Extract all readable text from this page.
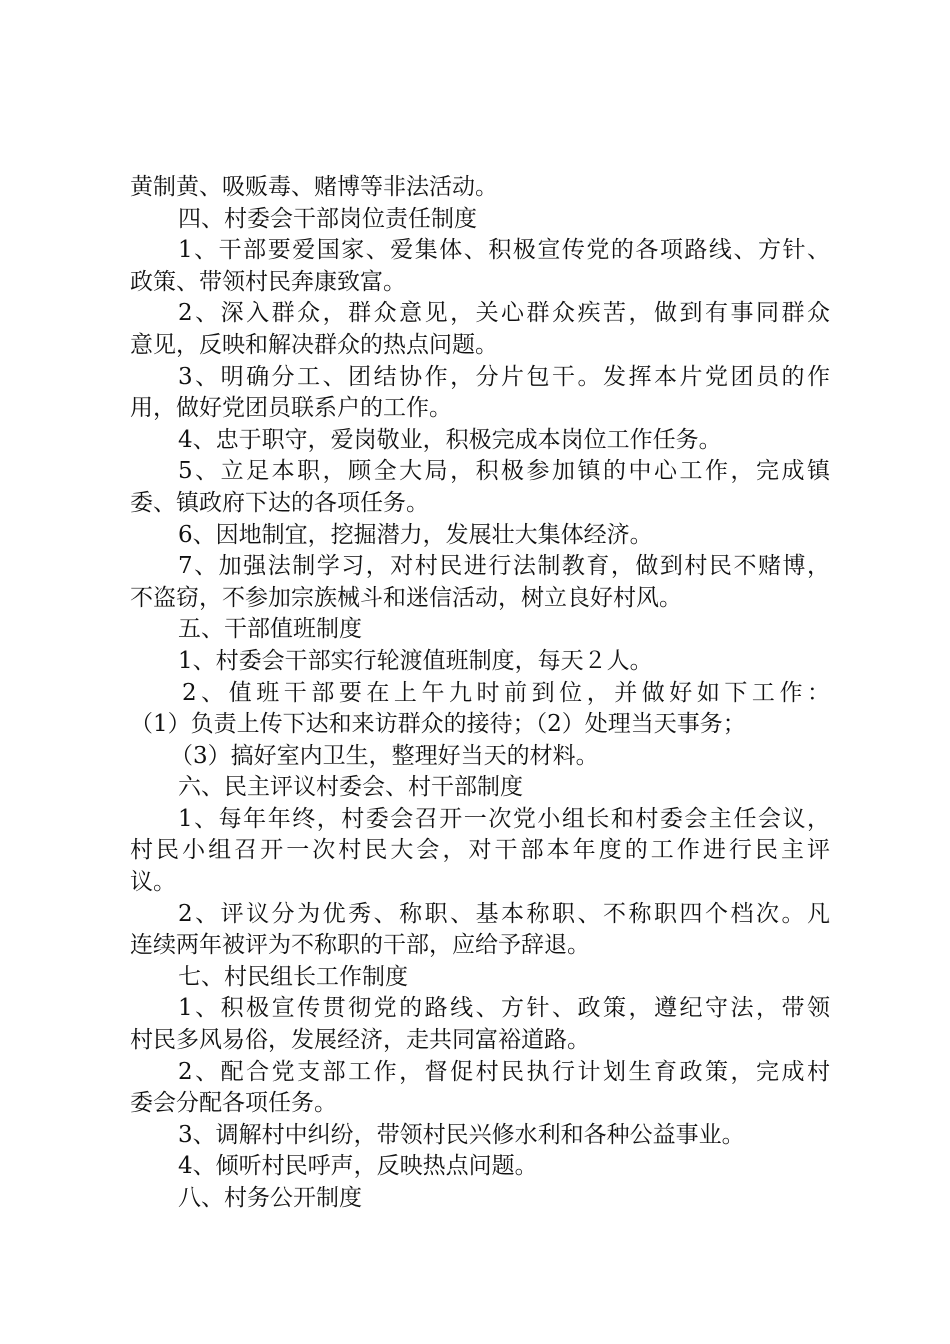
黄制黄、吸贩毒、赌博等非法活动。
四、村委会干部岗位责任制度
1、干部要爱国家、爱集体、积极宣传党的各项路线、方针、
政策、带领村民奔康致富。
2、深入群众，群众意见，关心群众疾苦，做到有事同群众
意见，反映和解决群众的热点问题。
3、明确分工、团结协作，分片包干。发挥本片党团员的作
用，做好党团员联系户的工作。
4、忠于职守，爱岗敬业，积极完成本岗位工作任务。
5、立足本职，顾全大局，积极参加镇的中心工作，完成镇
委、镇政府下达的各项任务。
6、因地制宜，挖掘潜力，发展壮大集体经济。
7、加强法制学习，对村民进行法制教育，做到村民不赌博，
不盗窃，不参加宗族械斗和迷信活动，树立良好村风。
五、干部值班制度
1、村委会干部实行轮渡值班制度，每天２人。
2、值班干部要在上午九时前到位，并做好如下工作：
（1）负责上传下达和来访群众的接待；（2）处理当天事务；
（3）搞好室内卫生，整理好当天的材料。
六、民主评议村委会、村干部制度
1、每年年终，村委会召开一次党小组长和村委会主任会议，
村民小组召开一次村民大会，对干部本年度的工作进行民主评
议。
2、评议分为优秀、称职、基本称职、不称职四个档次。凡
连续两年被评为不称职的干部，应给予辞退。
七、村民组长工作制度
1、积极宣传贯彻党的路线、方针、政策，遵纪守法，带领
村民多风易俗，发展经济，走共同富裕道路。
2、配合党支部工作，督促村民执行计划生育政策，完成村
委会分配各项任务。
3、调解村中纠纷，带领村民兴修水利和各种公益事业。
4、倾听村民呼声，反映热点问题。
八、村务公开制度
